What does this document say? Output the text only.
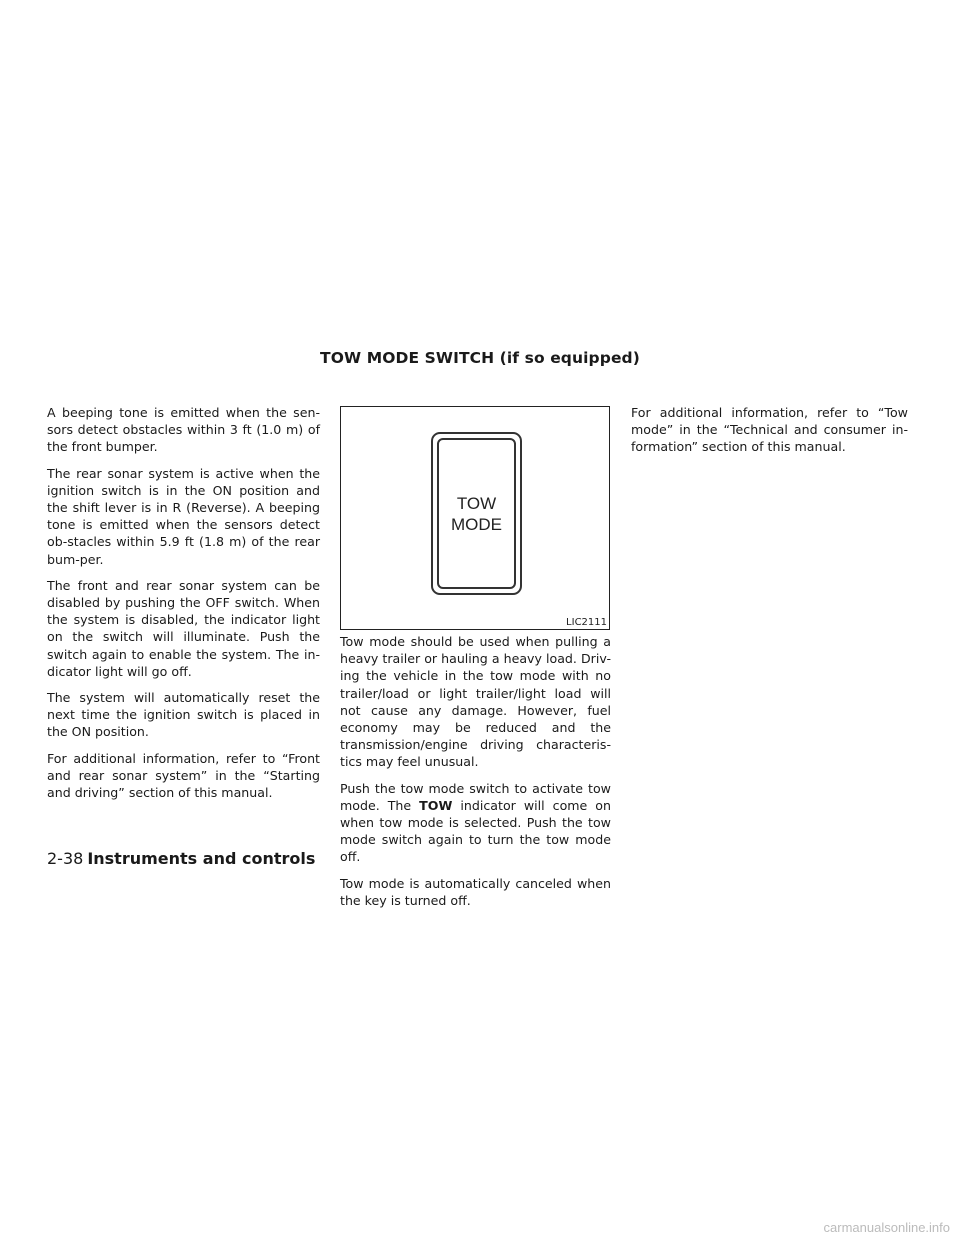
TOW MODE SWITCH (if so equipped)

A beeping tone is emitted when the sen-sors detect obstacles within 3 ft (1.0 m) of the front bumper.

The rear sonar system is active when the ignition switch is in the ON position and the shift lever is in R (Reverse). A beeping tone is emitted when the sensors detect ob-stacles within 5.9 ft (1.8 m) of the rear bum-per.

The front and rear sonar system can be disabled by pushing the OFF switch. When the system is disabled, the indicator light on the switch will illuminate. Push the switch again to enable the system. The in-dicator light will go off.

The system will automatically reset the next time the ignition switch is placed in the ON position.

For additional information, refer to “Front and rear sonar system” in the “Starting and driving” section of this manual.

TOW
MODE
LIC2111

Tow mode should be used when pulling a heavy trailer or hauling a heavy load. Driv-ing the vehicle in the tow mode with no trailer/load or light trailer/light load will not cause any damage. However, fuel economy may be reduced and the transmission/engine driving characteris-tics may feel unusual.

Push the tow mode switch to activate tow mode. The TOW indicator will come on when tow mode is selected. Push the tow mode switch again to turn the tow mode off.

Tow mode is automatically canceled when the key is turned off.

For additional information, refer to “Tow mode” in the “Technical and consumer in-formation” section of this manual.

2-38 Instruments and controls
carmanualsonline.info
